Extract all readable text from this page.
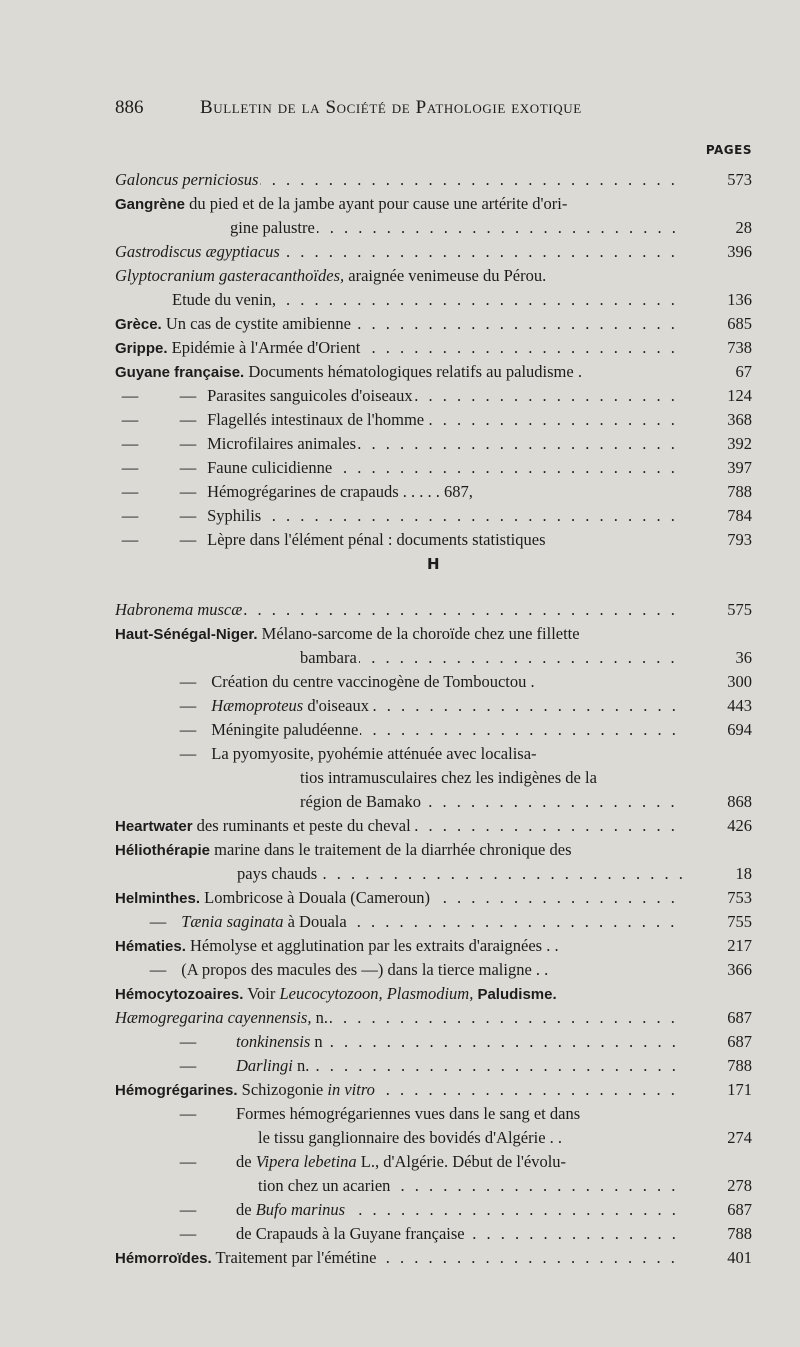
886	Bulletin de la Société de Pathologie exotique
PAGES
H
Galoncus perniciosus . . .	573
Gangrène du pied et de la jambe ayant pour cause une artérite d'ori-
gine palustre . . .	28
Gastrodiscus ægyptiacus . . .	396
Glyptocranium gasteracanthoïdes, araignée venimeuse du Pérou.
Etude du venin, . . .	136
Grèce. Un cas de cystite amibienne . . .	685
Grippe. Epidémie à l'Armée d'Orient . . .	738
Guyane française. Documents hématologiques relatifs au paludisme .	67
—	— Parasites sanguicoles d'oiseaux . . .	124
—	— Flagellés intestinaux de l'homme . . .	368
—	— Microfilaires animales . . .	392
—	— Faune culicidienne . . .	397
—	— Hémogrégarines de crapauds . . . . . 687,	788
—	— Syphilis . . .	784
—	— Lèpre dans l'élément pénal : documents statistiques	793
Habronema muscæ . . .	575
Haut-Sénégal-Niger. Mélano-sarcome de la choroïde chez une fillette
bambara . . .	36
—  Création du centre vaccinogène de Tombouctou .	300
— Hæmoproteus d'oiseaux . . .	443
—  Méningite paludéenne . . .	694
—  La pyomyosite, pyohémie atténuée avec localisa-
tios intramusculaires chez les indigènes de la
région de Bamako . . .	868
Heartwater des ruminants et peste du cheval . . .	426
Héliothérapie marine dans le traitement de la diarrhée chronique des
pays chauds . . .	18
Helminthes. Lombricose à Douala (Cameroun) . . .	753
— Tænia saginata à Douala . . .	755
Hématies. Hémolyse et agglutination par les extraits d'araignées . .	217
—  (A propos des macules des —) dans la tierce maligne . .	366
Hémocytozoaires. Voir Leucocytozoon, Plasmodium, Paludisme.
Hæmogregarina cayennensis, n. . . .	687
— tonkinensis n . . .	687
— Darlingi n. . . .	788
Hémogrégarines. Schizogonie in vitro . . .	171
—        Formes hémogrégariennes vues dans le sang et dans
le tissu ganglionnaire des bovidés d'Algérie . .	274
—        de Vipera lebetina L., d'Algérie. Début de l'évolu-
tion chez un acarien . . .	278
—        de Bufo marinus . . .	687
—        de Crapauds à la Guyane française . . .	788
Hémorroïdes. Traitement par l'émétine . . .	401
